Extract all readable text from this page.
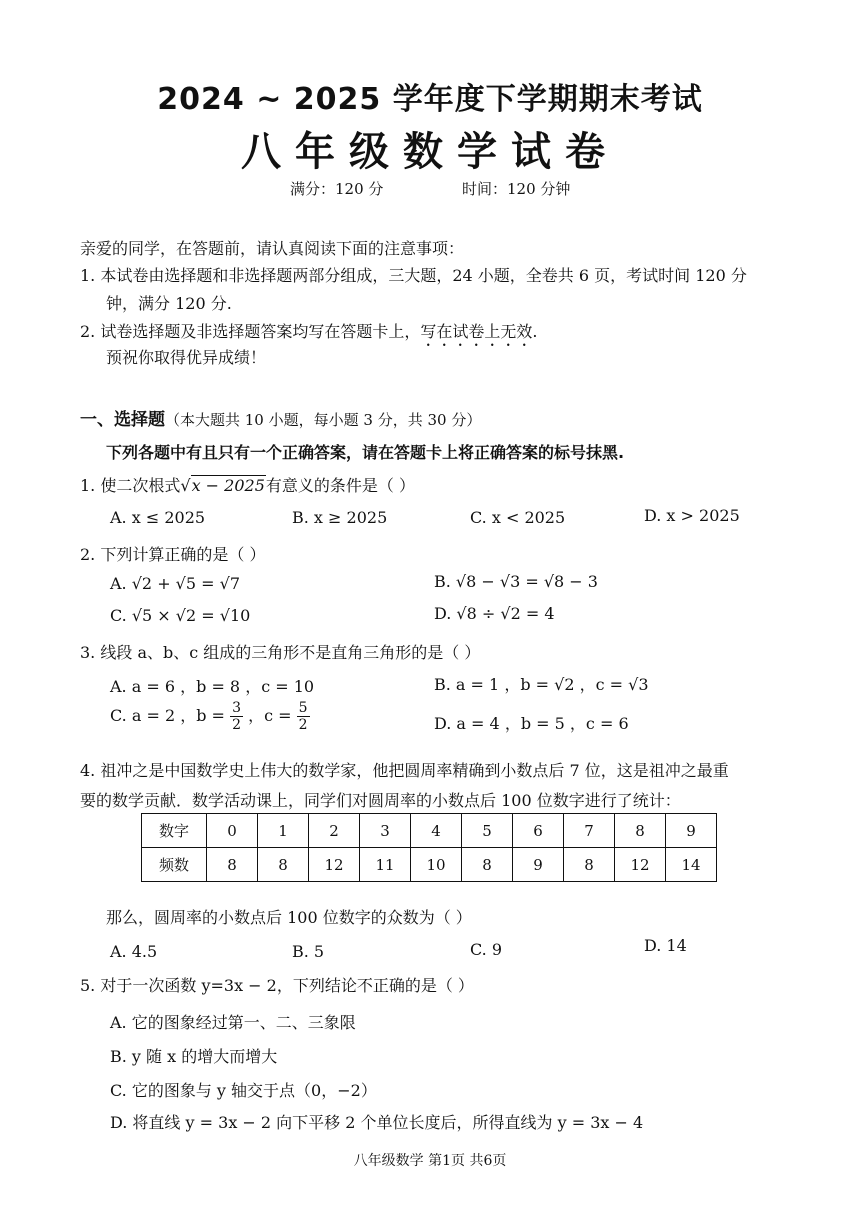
2024 ~ 2025 学年度下学期期末考试
八年级数学试卷
满分：120 分	时间：120 分钟
亲爱的同学，在答题前，请认真阅读下面的注意事项：
1. 本试卷由选择题和非选择题两部分组成，三大题，24 小题，全卷共 6 页，考试时间 120 分
钟，满分 120 分.
2. 试卷选择题及非选择题答案均写在答题卡上，写在试卷上无效.
预祝你取得优异成绩！
一、选择题（本大题共 10 小题，每小题 3 分，共 30 分）
下列各题中有且只有一个正确答案，请在答题卡上将正确答案的标号抹黑.
1. 使二次根式√x − 2025有意义的条件是（ ）
A. x ≤ 2025	B. x ≥ 2025	C. x < 2025	D. x > 2025
2. 下列计算正确的是（ ）
A. √2 + √5 = √7	B. √8 − √3 = √8 − 3
C. √5 × √2 = √10	D. √8 ÷ √2 = 4
3. 线段 a、b、c 组成的三角形不是直角三角形的是（ ）
A. a = 6 ，b = 8 ，c = 10	B. a = 1 ，b = √2 ，c = √3
C. a = 2 ，$b = \frac{3}{2}$ ，$c = \frac{5}{2}$	D. a = 4 ，b = 5 ，c = 6
4. 祖冲之是中国数学史上伟大的数学家，他把圆周率精确到小数点后 7 位，这是祖冲之最重
要的数学贡献．数学活动课上，同学们对圆周率的小数点后 100 位数字进行了统计：
数字	0	1	2	3	4	5	6	7	8	9
频数	8	8	12	11	10	8	9	8	12	14
那么，圆周率的小数点后 100 位数字的众数为（ ）
A. 4.5	B. 5	C. 9	D. 14
5. 对于一次函数 y=3x − 2，下列结论不正确的是（ ）
A. 它的图象经过第一、二、三象限
B. y 随 x 的增大而增大
C. 它的图象与 y 轴交于点（0，−2）
D. 将直线 y = 3x − 2 向下平移 2 个单位长度后，所得直线为 y = 3x − 4
八年级数学 第1页 共6页
